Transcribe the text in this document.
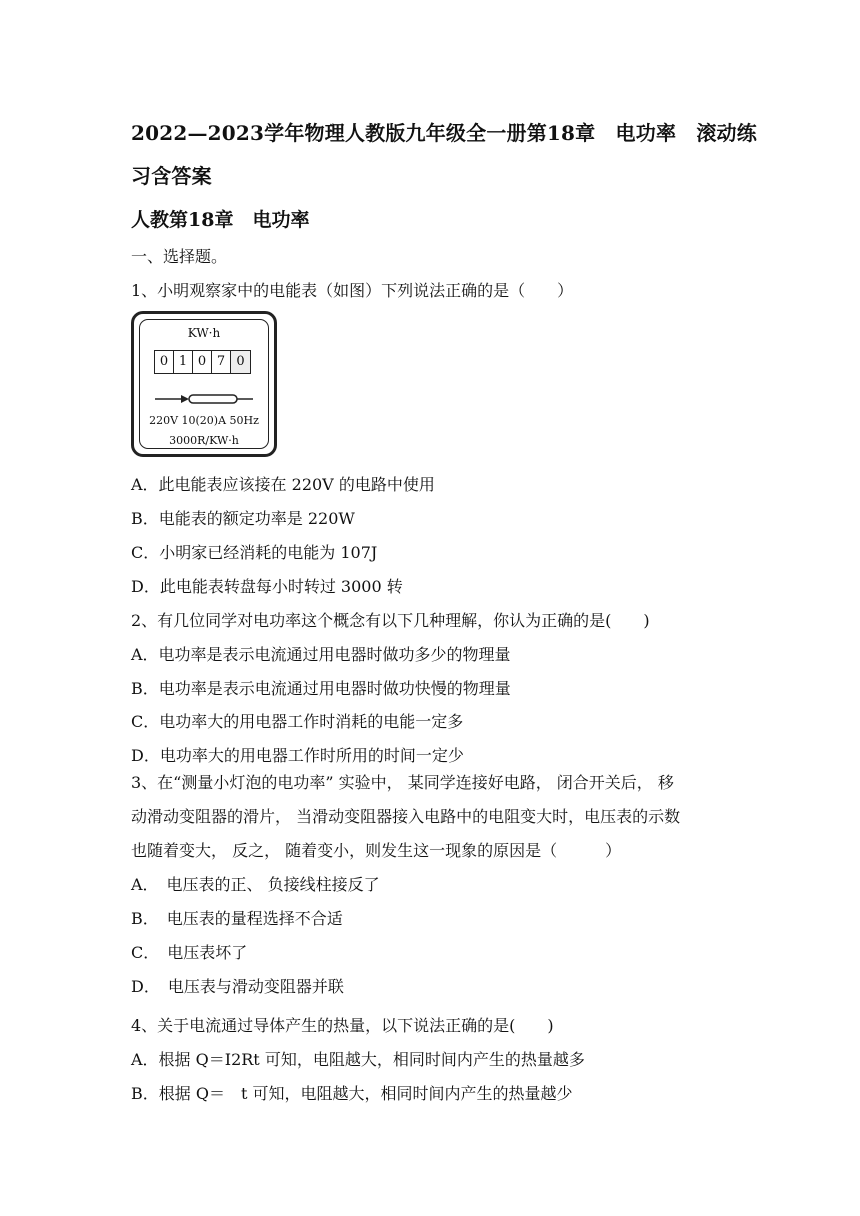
2022—2023学年物理人教版九年级全一册第18章　电功率　滚动练
习含答案
人教第18章　电功率
一、选择题。
1、小明观察家中的电能表（如图）下列说法正确的是（　　）
KW·h
0 1 0 7 0
220V 10(20)A 50Hz
3000R/KW·h
A．此电能表应该接在 220V 的电路中使用
B．电能表的额定功率是 220W
C．小明家已经消耗的电能为 107J
D．此电能表转盘每小时转过 3000 转
2、有几位同学对电功率这个概念有以下几种理解，你认为正确的是(　　)
A．电功率是表示电流通过用电器时做功多少的物理量
B．电功率是表示电流通过用电器时做功快慢的物理量
C．电功率大的用电器工作时消耗的电能一定多
D．电功率大的用电器工作时所用的时间一定少
3、在“测量小灯泡的电功率” 实验中， 某同学连接好电路， 闭合开关后， 移
动滑动变阻器的滑片， 当滑动变阻器接入电路中的电阻变大时，电压表的示数
也随着变大， 反之， 随着变小，则发生这一现象的原因是（　　　）
A．　电压表的正、 负接线柱接反了
B．　电压表的量程选择不合适
C．　电压表坏了
D．　电压表与滑动变阻器并联
4、关于电流通过导体产生的热量，以下说法正确的是(　　)
A．根据 Q＝I2Rt 可知，电阻越大，相同时间内产生的热量越多
B．根据 Q＝　t 可知，电阻越大，相同时间内产生的热量越少
